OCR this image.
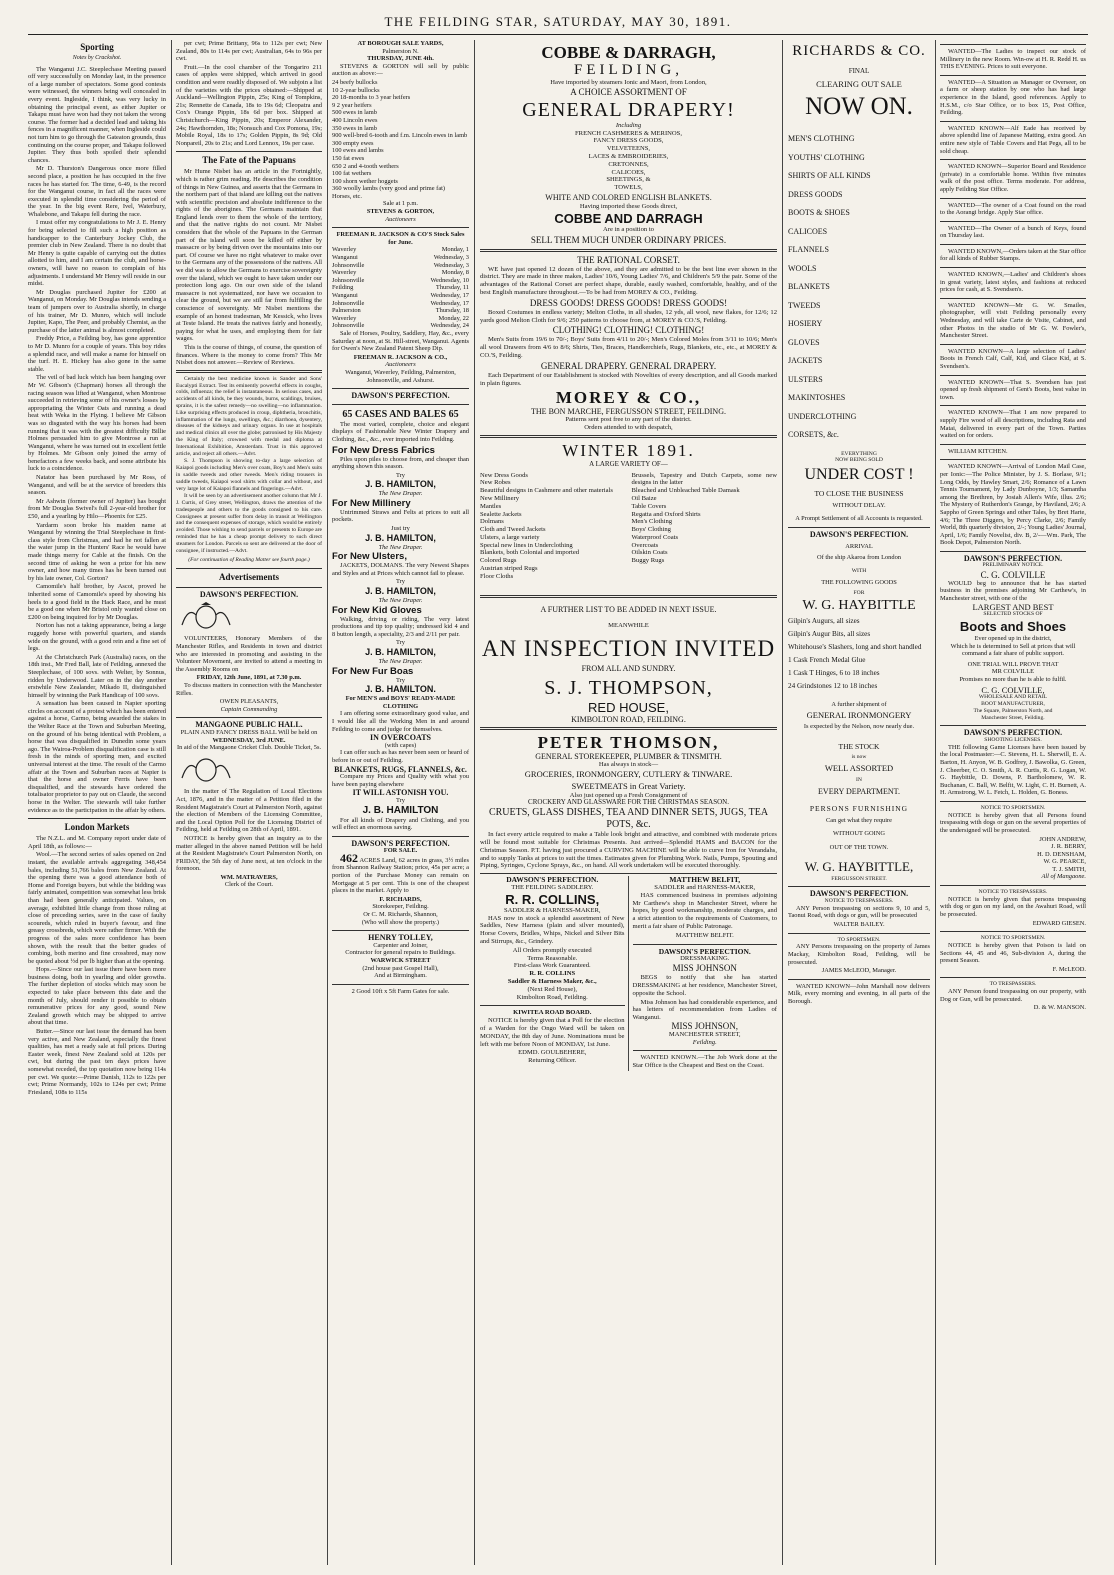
THE FEILDING STAR, SATURDAY, MAY 30, 1891.
Sporting
Notes by Crackshot.

The Wanganui J.C. Steeplechase Meeting passed off very successfully on Monday last, in the presence of a large number of spectators. Some good contests were witnessed, the winners being well concealed in every event. Ingleside, I think, was very lucky in obtaining the principal event, as either Jupiter or Takapu must have won had they not taken the wrong course. The former had a decided lead and taking his fences in a magnificent manner, when Ingleside could not turn him to go through the Gateaton grounds, thus continuing on the course proper, and Takapu followed Jupiter. They thus both spoiled their splendid chances.

Mr D. Thurston's Dangerous once more filled second place, a position he has occupied in the five races he has started for. The time, 6-49, is the record for the Wanganui course, in fact all the races were executed in splendid time considering the period of the year. In the big event Rere, Ivel, Waterbury, Whalebone, and Takapu fell during the race.

I must offer my congratulations to Mr J. E. Henry for being selected to fill such a high position as handicapper to the Canterbury Jockey Club, the premier club in New Zealand. There is no doubt that Mr Henry is quite capable of carrying out the duties allotted to him, and I am certain the club, and horse-owners, will have no reason to complain of his adjustments. I understand Mr Henry will reside in our midst.

Mr Douglas purchased Jupiter for £200 at Wanganui, on Monday. Mr Douglas intends sending a team of jumpers over to Australia shortly, in charge of his trainer, Mr D. Munro, which will include Jupiter, Kapo, The Peer, and probably Chemist, as the purchase of the latter animal is almost completed.

Freddy Price, a Feilding boy, has gone apprentice to Mr D. Munro for a couple of years. This boy rides a splendid race, and will make a name for himself on the turf. H. E. Hickey has also gone in the same stable.

The veil of bad luck which has been hanging over Mr W. Gibson's (Chapman) horses all through the racing season was lifted at Wanganui, when Montrose succeeded in retrieving some of his owner's losses by appropriating the Winter Oats and running a dead heat with Weka in the Flying. I believe Mr Gibson was so disgusted with the way his horses had been running that it was with the greatest difficulty Billie Holmes persuaded him to give Montrose a run at Wanganui, where he was turned out in excellent fettle by Holmes. Mr Gibson only joined the army of benefactors a few weeks back, and some attribute his luck to a coincidence.

Natator has been purchased by Mr Ross, of Wanganui, and will be at the service of breeders this season.

Mr Ashwin (former owner of Jupiter) has bought from Mr Douglas Swivel's full 2-year-old brother for £50, and a yearling by Hilo—Phoenix for £25.

Yardarm soon broke his maiden name at Wanganui by winning the Trial Steeplechase in first-class style from Christmas, and had he not fallen at the water jump in the Hunters' Race he would have made things merry for Cable at the finish. On the second time of asking he won a prize for his new owner, and how many times has he been turned out by his late owner, Col. Gorton?

Camomile's half brother, by Ascot, proved he inherited some of Camomile's speed by showing his heels to a good field in the Hack Race, and he must be a good one when Mr Bristol only wanted close on £200 on being inquired for by Mr Douglas.

Norton has not a taking appearance, being a large ruggedy horse with powerful quarters, and stands wide on the ground, with a good rein and a fine set of legs.

At the Christchurch Park (Australia) races, on the 18th inst., Mr Fred Ball, late of Feilding, annexed the Steeplechase, of 100 sovs. with Welter, by Sonnus, ridden by Underwood. Later on in the day another erstwhile New Zealander, Mikado II, distinguished himself by winning the Park Handicap of 100 sovs.

A sensation has been caused in Napier sporting circles on account of a protest which has been entered against a horse, Carmo, being awarded the stakes in the Welter Race at the Town and Suburban Meeting, on the ground of his being identical with Problem, a horse that was disqualified in Dunedin some years ago. The Wairoa-Problem disqualification case is still fresh in the minds of sporting men, and excited universal interest at the time. The result of the Carmo affair at the Town and Suburban races at Napier is that the horse and owner Ferris have been disqualified, and the stewards have ordered the totalisator proprietor to pay out on Claude, the second horse in the Welter. The stewards will take further evidence as to the participation in the affair by others.

London Markets

The N.Z.L. and M. Company report under date of April 18th, as follows:—

Wool.—The second series of sales opened on 2nd instant, the available arrivals aggregating 348,454 bales, including 51,766 bales from New Zealand. At the opening there was a good attendance both of Home and Foreign buyers, but while the bidding was fairly animated, competition was somewhat less brisk than had been generally anticipated. Values, on average, exhibited little change from those ruling at close of preceding series, save in the case of faulty scoureds, which ruled in buyer's favour, and fine greasy crossbreds, which were rather firmer. With the progress of the sales more confidence has been shown, with the result that the better grades of combing, both merino and fine crossbred, may now be quoted about ½d per lb higher than at the opening.

Hops.—Since our last issue there have been more business doing, both in yearling and older growths. The further depletion of stocks which may soon be expected to take place between this date and the month of July, should render it possible to obtain remunerative prices for any good, sound New Zealand growth which may be shipped to arrive about that time.

Butter.—Since our last issue the demand has been very active, and New Zealand, especially the finest qualities, has met a ready sale at full prices. During Easter week, finest New Zealand sold at 120s per cwt, but during the past ten days prices have somewhat receded, the top quotation now being 114s per cwt. We quote:—Prime Danish, 112s to 122s per cwt; Prime Normandy, 102s to 124s per cwt; Prime Friesland, 108s to 115s

per cwt; Prime Brittany, 96s to 112s per cwt; New Zealand, 80s to 114s per cwt; Australian, 64s to 96s per cwt.

Fruit.—In the cool chamber of the Tongariro 211 cases of apples were shipped, which arrived in good condition and were readily disposed of. We subjoin a list of the varieties with the prices obtained:—Shipped at Auckland—Wellington Pippin, 25s; King of Tompkins, 21s; Rennette de Canada, 18s to 19s 6d; Cleopatra and Cox's Orange Pippin, 18s 6d per box. Shipped at Christchurch—King Pippin, 20s; Emperor Alexander, 24s; Hawthornden, 18s; Nonsuch and Cox Pomona, 19s; Mobile Royal, 18s to 17s; Golden Pippin, 8s 9d; Old Nonpareil, 20s to 21s; and Lord Lennox, 19s per case.

The Fate of the Papuans

Mr Hume Nisbet has an article in the Fortnightly, which is rather grim reading. He describes the condition of things in New Guinea, and asserts that the Germans in the northern part of that island are killing out the natives with scientific precision and absolute indifference to the rights of the aborigines. The Germans maintain that England lends over to them the whole of the territory, and that the native rights do not count. Mr Nisbet considers that the whole of the Papuans in the German part of the island will soon be killed off either by massacre or by being driven over the mountains into our part. Of course we have no right whatever to make over to the Germans any of the possessions of the natives. All we did was to allow the Germans to exercise sovereignty over the island, which we ought to have taken under our protection long ago. On our own side of the island massacre is not systematized, nor have we occasion to clear the ground, but we are still far from fulfilling the conscience of sovereignty. Mr Nisbet mentions the example of an honest tradesman, Mr Kessick, who lives at Teste Island. He treats the natives fairly and honestly, paying for what he uses, and employing them for fair wages.

This is the course of things, of course, the question of finances. Where is the money to come from? This Mr Nisbet does not answer.—Review of Reviews.

Certainly the best medicine known is Sander and Sons' Eucalypti Extract. Test its eminently powerful effects in coughs, colds, influenza; the relief is instantaneous. In serious cases, and accidents of all kinds, be they wounds, burns, scaldings, bruises, sprains, it is the safest remedy—no swelling—no inflammation. Like surprising effects produced in croup, diphtheria, bronchitis, inflammation of the lungs, swellings, &c.; diarrhoea, dysentery, diseases of the kidneys and urinary organs. In use at hospitals and medical clinics all over the globe; patronised by His Majesty the King of Italy; crowned with medal and diploma at International Exhibition, Amsterdam. Trust in this approved article, and reject all others.—Advt.

S. J. Thompson is showing to-day a large selection of Kaiapoi goods including Men's over coats, Boy's and Men's suits in saddle tweeds and other tweeds. Men's riding trousers in saddle tweeds, Kaiapoi wool shirts with collar and without, and very large lot of Kaiapoi flannels and fingerings.—Advt.

It will be seen by an advertisement another column that Mr J. J. Curtis, of Grey street, Wellington, draws the attention of the tradespeople and others to the goods consigned to his care. Consignees at present suffer from delay in transit at Wellington and the consequent expenses of storage, which would be entirely avoided. Those wishing to send parcels or presents to Europe are reminded that he has a cheap prompt delivery to such direct steamers for London. Parcels so sent are delivered at the door of consignee, if instructed.—Advt.

(For continuation of Reading Matter see fourth page.)
Advertisements
DAWSON'S PERFECTION.

VOLUNTEERS, Honorary Members of the Manchester Rifles, and Residents in town and district who are interested in promoting and assisting in the Volunteer Movement, are invited to attend a meeting in the Assembly Rooms on

FRIDAY, 12th June, 1891, at 7.30 p.m.

To discuss matters in connection with the Manchester Rifles.

OWEN PLEASANTS,
Captain Commanding
MANGAONE PUBLIC HALL.
PLAIN AND FANCY DRESS BALL Will be held on
WEDNESDAY, 3rd JUNE.
In aid of the Mangaone Cricket Club. Double Ticket, 5s.

In the matter of The Regulation of Local Elections Act, 1876, and in the matter of a Petition filed in the Resident Magistrate's Court at Palmerston North, against the election of Members of the Licensing Committee, and the Local Option Poll for the Licensing District of Feilding, held at Feilding on 28th of April, 1891.

NOTICE is hereby given that an inquiry as to the matter alleged in the above named Petition will be held at the Resident Magistrate's Court Palmerston North, on FRIDAY, the 5th day of June next, at ten o'clock in the forenoon.

WM. MATRAVERS,
Clerk of the Court.
AT BOROUGH SALE YARDS,
Palmerston N.
THURSDAY, JUNE 4th.

STEVENS & GORTON will sell by public auction as above:—

24 beefy bullocks
10 2-year bullocks
20 18-months to 3 year heifers
9 2 year heifers
500 ewes in lamb
400 Lincoln ewes
350 ewes in lamb
900 well-bred 6-tooth and f.m. Lincoln ewes in lamb
300 empty ewes
100 ewes and lambs
150 fat ewes
650 2 and 4-tooth wethers
100 fat wethers
100 shorn wether hoggets
360 woolly lambs (very good and prime fat)
Horses, etc.
Sale at 1 p.m.
STEVENS & GORTON,
Auctioneers
FREEMAN R. JACKSON & CO'S Stock Sales for June.
Waverley	Monday, 1
Wanganui	Wednesday, 3
Johnsonville	Wednesday, 3
Waverley	Monday, 8
Johnsonville	Wednesday, 10
Feilding	Thursday, 11
Wanganui	Wednesday, 17
Johnsonville	Wednesday, 17
Palmerston	Thursday, 18
Waverley	Monday, 22
Johnsonville	Wednesday, 24

Sale of Horses, Poultry, Saddlery, Hay, &c., every Saturday at noon, at St. Hill-street, Wanganui. Agents for Owen's New Zealand Patent Sheep Dip.

FREEMAN R. JACKSON & CO.,
Auctioneers
Wanganui, Waverley, Feilding, Palmerston, Johnsonville, and Ashurst.
DAWSON'S PERFECTION.
65 CASES AND BALES 65

The most varied, complete, choice and elegant displays of Fashionable New Winter Drapery and Clothing, &c., &c., ever imported into Feilding.

For New Dress Fabrics
Piles upon piles to choose from, and cheaper than anything shown this season.
Try
J. B. HAMILTON,
The New Draper.
For New Millinery
Untrimmed Straws and Felts at prices to suit all pockets.
Just try
J. B. HAMILTON,
The New Draper.
For New Ulsters,
JACKETS, DOLMANS. The very Newest Shapes and Styles and at Prices which cannot fail to please.
Try
J. B. HAMILTON,
The New Draper.
For New Kid Gloves
Walking, driving or riding, The very latest productions and tip top quality; undressed kid 4 and 8 button length, a speciality, 2/3 and 2/11 per pair.
Try
J. B. HAMILTON,
The New Draper.
For New Fur Boas
Try
J. B. HAMILTON.
For MEN'S and BOYS' READY-MADE CLOTHING

I am offering some extraordinary good value, and I would like all the Working Men in and around Feilding to come and judge for themselves.

IN OVERCOATS
(with capes)

I can offer such as has never been seen or heard of before in or out of Feilding.

BLANKETS, RUGS, FLANNELS, &c.

Compare my Prices and Quality with what you have been paying elsewhere

IT WILL ASTONISH YOU.
Try
J. B. HAMILTON

For all kinds of Drapery and Clothing, and you will effect an enormous saving.

DAWSON'S PERFECTION.
FOR SALE.

462 ACRES Land, 62 acres in grass, 3½ miles from Shannon Railway Station; price, 45s per acre; a portion of the Purchase Money can remain on Mortgage at 5 per cent. This is one of the cheapest places in the market. Apply to

F. RICHARDS,
Storekeeper, Feilding.
Or C. M. Richards, Shannon,
(Who will show the property.)
HENRY TOLLEY,
Carpenter and Joiner,
Contractor for general repairs to Buildings.
WARWICK STREET
(2nd house past Gospel Hall),
And at Birmingham.
2 Good 10ft x 5ft Farm Gates for sale.
COBBE & DARRAGH,
FEILDING,
Have imported by steamers Ionic and Maori, from London,
A CHOICE ASSORTMENT OF
GENERAL DRAPERY!
Including
FRENCH CASHMERES & MERINOS,
FANCY DRESS GOODS,
VELVETEENS,
LACES & EMBROIDERIES,
CRETONNES,
CALICOES,
SHEETINGS, &
TOWELS,
WHITE AND COLORED ENGLISH BLANKETS.
Having imported these Goods direct,
COBBE AND DARRAGH
Are in a position to
SELL THEM MUCH UNDER ORDINARY PRICES.
THE RATIONAL CORSET.

WE have just opened 12 dozen of the above, and they are admitted to be the best line ever shown in the district. They are made in three makes, Ladies' 10/6, Young Ladies' 7/6, and Children's 5/9 the pair. Some of the advantages of the Rational Corset are perfect shape, durable, easily washed, comfortable, healthy, and of the best English manufacture throughout.—To be had from MOREY & CO., Feilding.

DRESS GOODS! DRESS GOODS! DRESS GOODS!

Boxed Costumes in endless variety; Melton Cloths, in all shades, 12 yds, all wool, new flakes, for 12/6; 12 yards good Melton Cloth for 9/6; 250 patterns to choose from, at MOREY & CO.'S, Feilding.

CLOTHING! CLOTHING! CLOTHING!

Men's Suits from 19/6 to 70/-; Boys' Suits from 4/11 to 20/-; Men's Colored Moles from 3/11 to 10/6; Men's all wool Drawers from 4/6 to 8/6; Shirts, Ties, Braces, Handkerchiefs, Rugs, Blankets, etc., etc., at MOREY & CO.'S, Feilding.

GENERAL DRAPERY. GENERAL DRAPERY.

Each Department of our Establishment is stocked with Novelties of every description, and all Goods marked in plain figures.

MOREY & CO.,
THE BON MARCHE, FERGUSSON STREET, FEILDING.
Patterns sent post free to any part of the district.
Orders attended to with despatch,
WINTER 1891.
A LARGE VARIETY OF—
New Dress Goods
New Robes
Beautiful designs in Cashmere and other materials
New Millinery
Mantles
Sealette Jackets
Dolmans
Cloth and Tweed Jackets
Ulsters, a large variety
Special new lines in Underclothing
Blankets, both Colonial and imported
Colored Rugs
Austrian striped Rugs
Floor Cloths
Brussels, Tapestry and Dutch Carpets, some new designs in the latter
Bleached and Unbleached Table Damask
Oil Baize
Table Covers
Regatta and Oxford Shirts
Men's Clothing
Boys' Clothing
Waterproof Coats
Overcoats
Oilskin Coats
Buggy Rugs
A FURTHER LIST TO BE ADDED IN NEXT ISSUE.
MEANWHILE
AN INSPECTION INVITED
FROM ALL AND SUNDRY.
S. J. THOMPSON,
RED HOUSE,
KIMBOLTON ROAD, FEILDING.
PETER THOMSON,
GENERAL STOREKEEPER, PLUMBER & TINSMITH.
Has always in stock—
GROCERIES, IRONMONGERY, CUTLERY & TINWARE.
SWEETMEATS in Great Variety.
Also just opened up a Fresh Consignment of
CROCKERY AND GLASSWARE FOR THE CHRISTMAS SEASON.
CRUETS, GLASS DISHES, TEA AND DINNER SETS, JUGS, TEA POTS, &c.

In fact every article required to make a Table look bright and attractive, and combined with moderate prices will be found most suitable for Christmas Presents. Just arrived—Splendid HAMS and BACON for the Christmas Season. P.T. having just procured a CURVING MACHINE will be able to curve Iron for Verandahs, and to supply Tanks at prices to suit the times. Estimates given for Plumbing Work. Nails, Pumps, Spouting and Piping, Syringes, Cyclone Sprays, &c., on hand. All work undertaken will be executed thoroughly.

DAWSON'S PERFECTION.
THE FEILDING SADDLERY.
R. R. COLLINS,
SADDLER & HARNESS-MAKER,

HAS now in stock a splendid assortment of New Saddles, New Harness (plain and silver mounted), Horse Covers, Bridles, Whips, Nickel and Silver Bits and Stirrups, &c., Grindery.

All Orders promptly executed
Terms Reasonable.
First-class Work Guaranteed.
R. R. COLLINS
Saddler & Harness Maker, &c.,
(Next Red House),
Kimbolton Road, Feilding.
KIWITEA ROAD BOARD.

NOTICE is hereby given that a Poll for the election of a Warden for the Ongo Ward will be taken on MONDAY, the 8th day of June. Nominations must be left with me before Noon of MONDAY, 1st June.

EDMD. GOULBEHERE,
Returning Officer.
MATTHEW BELFIT,
SADDLER and HARNESS-MAKER,

HAS commenced business in premises adjoining Mr Carthew's shop in Manchester Street, where he hopes, by good workmanship, moderate charges, and a strict attention to the requirements of Customers, to merit a fair share of Public Patronage.

MATTHEW BELFIT.
DAWSON'S PERFECTION.
DRESSMAKING.
MISS JOHNSON

BEGS to notify that she has started DRESSMAKING at her residence, Manchester Street, opposite the School.

Miss Johnson has had considerable experience, and has letters of recommendation from Ladies of Wanganui.

MISS JOHNSON,
MANCHESTER STREET,
Feilding.

WANTED KNOWN.—The Job Work done at the Star Office is the Cheapest and Best on the Coast.

RICHARDS & CO.
FINAL
CLEARING OUT SALE
NOW ON.
MEN'S CLOTHING
YOUTHS' CLOTHING
SHIRTS OF ALL KINDS
DRESS GOODS
BOOTS & SHOES
CALICOES
FLANNELS
WOOLS
BLANKETS
TWEEDS
HOSIERY
GLOVES
JACKETS
ULSTERS
MAKINTOSHES
UNDERCLOTHING
CORSETS, &c.
EVERYTHING
NOW BEING SOLD
UNDER COST !
TO CLOSE THE BUSINESS
WITHOUT DELAY.
A Prompt Settlement of all Accounts is requested.
DAWSON'S PERFECTION.
ARRIVAL
Of the ship Akaroa from London
WITH
THE FOLLOWING GOODS
FOR
W. G. HAYBITTLE
Gilpin's Augurs, all sizes
Gilpin's Augur Bits, all sizes
Whitehouse's Slashers, long and short handled
1 Cask French Medal Glue
1 Cask T Hinges, 6 to 18 inches
24 Grindstones 12 to 18 inches
A further shipment of
GENERAL IRONMONGERY
Is expected by the Nelson, now nearly due.
THE STOCK
is now
WELL ASSORTED
IN
EVERY DEPARTMENT.
PERSONS FURNISHING
Can get what they require
WITHOUT GOING
OUT OF THE TOWN.
W. G. HAYBITTLE,
FERGUSSON STREET.
DAWSON'S PERFECTION.
NOTICE TO TRESPASSERS.

ANY Person trespassing on sections 9, 10 and 5, Taonui Road, with dogs or gun, will be prosecuted

WALTER BAILEY.
TO SPORTSMEN.

ANY Persons trespassing on the property of James Mackay, Kimbolton Road, Feilding, will be prosecuted.

JAMES McLEOD, Manager.

WANTED KNOWN—John Marshall now delivers Milk, every morning and evening, in all parts of the Borough.

WANTED—The Ladies to inspect our stock of Millinery in the new Room. Win-ow at H. R. Redd H. us THIS EVENING. Prices to suit everyone.

WANTED—A Situation as Manager or Overseer, on a farm or sheep station by one who has had large experience in the Island, good references. Apply to H.S.M., c/o Star Office, or to box 15, Post Office, Feilding.

WANTED KNOWN—Alf Eade has received by above splendid line of Japanese Matting, extra good. An entire new style of Table Covers and Hat Pegs, all to be sold cheap.

WANTED KNOWN—Superior Board and Residence (private) in a comfortable home. Within five minutes walk of the post office. Terms moderate. For address, apply Feilding Star Office.

WANTED—The owner of a Coat found on the road to the Aorangi bridge. Apply Star office.

WANTED—The Owner of a bunch of Keys, found on Thursday last.

WANTED KNOWN,—Orders taken at the Star office for all kinds of Rubber Stamps.

WANTED KNOWN,—Ladies' and Children's shoes in great variety, latest styles, and fashions at reduced prices for cash, at S. Svendsen's.

WANTED KNOWN—Mr G. W. Smailes, photographer, will visit Feilding personally every Wednesday, and will take Carte de Visite, Cabinet, and other Photos in the studio of Mr G. W. Fowler's, Manchester Street.

WANTED KNOWN—A large selection of Ladies' Boots in French Calf, Calf, Kid, and Glace Kid, at S. Svendsen's.

WANTED KNOWN—That S. Svendsen has just opened up fresh shipment of Gent's Boots, best value in town.

WANTED KNOWN—That I am now prepared to supply Fire wood of all descriptions, including Rata and Matai, delivered in every part of the Town. Parties waited on for orders.

WILLIAM KITCHEN.

WANTED KNOWN—Arrival of London Mail Case, per Ionic:—The Police Minister, by J. S. Borlase, 9/1; Long Odds, by Hawley Smart, 2/6; Romance of a Lawn Tennis Tournament, by Lady Dunboyne, 1/3; Samantha among the Brethren, by Josiah Allen's Wife, illus. 2/6; The Mystery of Rutherdon's Grange, by Haviland, 2/6; A Sappho of Green Springs and other Tales, by Bret Harte, 4/6; The Three Diggers, by Percy Clarke, 2/6; Family World, 8th quarterly division, 2/-; Young Ladies' Journal, April, 1/6; Family Novelist, div. B, 2/-—Wm. Park, The Book Depot, Palmerston North.

DAWSON'S PERFECTION.
PRELIMINARY NOTICE.
C. G. COLVILLE

WOULD beg to announce that he has started business in the premises adjoining Mr Carthew's, in Manchester street, with one of the

LARGEST AND BEST
SELECTED STOCKS OF
Boots and Shoes
Ever opened up in the district,
Which he is determined to Sell at prices that will command a fair share of public support.
ONE TRIAL WILL PROVE THAT
MR COLVILLE
Promises no more than he is able to fulfil.
C. G. COLVILLE,
WHOLESALE AND RETAIL
BOOT MANUFACTURER,
The Square, Palmerston North, and
Manchester Street, Feilding.
DAWSON'S PERFECTION.
SHOOTING LICENSES.

THE following Game Licenses have been issued by the local Postmaster:—C. Stevens, H. L. Sherwill, E. A. Barton, H. Anyon, W. B. Godfrey, J. Bawolka, G. Green, J. Cheerber, C. O. Smith, A. R. Curtis, R. G. Logan, W. G. Haybittle, D. Downs, P. Bartholomew, W. R. Buchanan, C. Ball, W. Belfit, W. Light, C. H. Burnett, A. H. Armstrong, W. L. Fetch, L. Holden, G. Boness.

NOTICE TO SPORTSMEN.

NOTICE is hereby given that all Persons found trespassing with dogs or gun on the several properties of the undersigned will be prosecuted.

JOHN ANDREW,
J. R. BERRY,
H. D. DENSHAM,
W. G. PEARCE,
T. J. SMITH,
All of Mangaone.
NOTICE TO TRESPASSERS.

NOTICE is hereby given that persons trespassing with dog or gun on my land, on the Awahuri Road, will be prosecuted.

EDWARD GIESEN.
NOTICE TO SPORTSMEN.

NOTICE is hereby given that Poison is laid on Sections 44, 45 and 46, Sub-division A, during the present Season.

F. McLEOD.
TO TRESPASSERS.

ANY Person found trespassing on our property, with Dog or Gun, will be prosecuted.

D. & W. MANSON.
